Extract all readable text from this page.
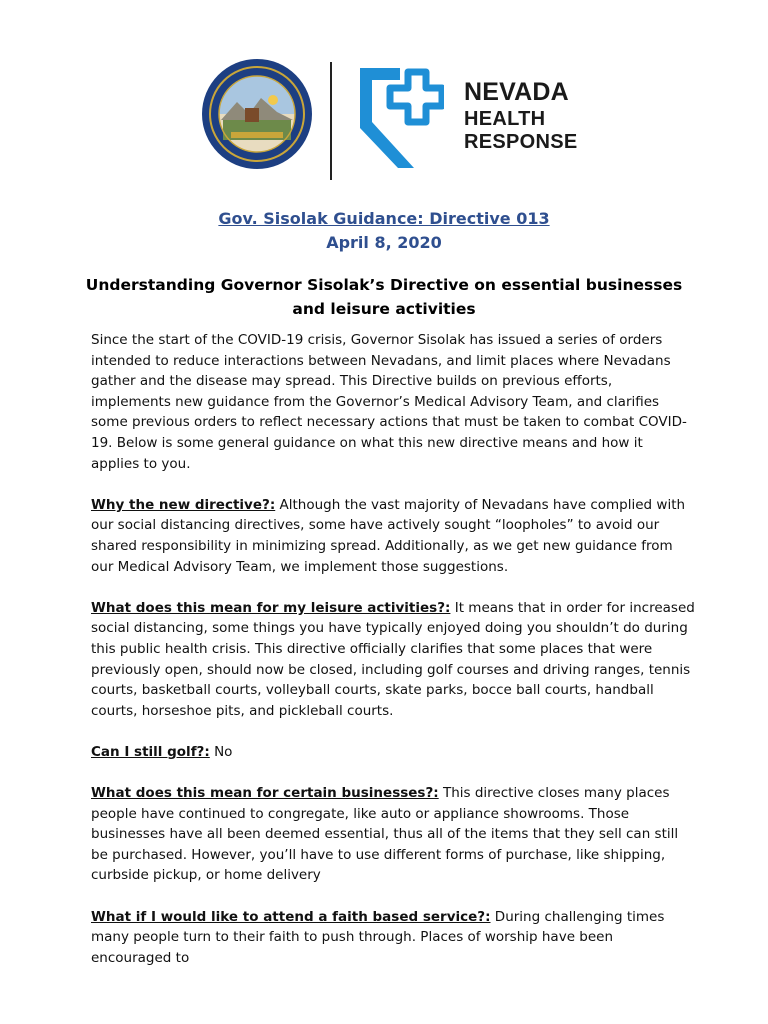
NEVADA
HEALTH
RESPONSE
Gov. Sisolak Guidance: Directive 013
April 8, 2020
Understanding Governor Sisolak’s Directive on essential businesses and leisure activities

Since the start of the COVID-19 crisis, Governor Sisolak has issued a series of orders intended to reduce interactions between Nevadans, and limit places where Nevadans gather and the disease may spread. This Directive builds on previous efforts, implements new guidance from the Governor’s Medical Advisory Team, and clarifies some previous orders to reflect necessary actions that must be taken to combat COVID-19. Below is some general guidance on what this new directive means and how it applies to you.

Why the new directive?: Although the vast majority of Nevadans have complied with our social distancing directives, some have actively sought “loopholes” to avoid our shared responsibility in minimizing spread. Additionally, as we get new guidance from our Medical Advisory Team, we implement those suggestions.

What does this mean for my leisure activities?: It means that in order for increased social distancing, some things you have typically enjoyed doing you shouldn’t do during this public health crisis. This directive officially clarifies that some places that were previously open, should now be closed, including golf courses and driving ranges, tennis courts, basketball courts, volleyball courts, skate parks, bocce ball courts, handball courts, horseshoe pits, and pickleball courts.

Can I still golf?: No

What does this mean for certain businesses?: This directive closes many places people have continued to congregate, like auto or appliance showrooms. Those businesses have all been deemed essential, thus all of the items that they sell can still be purchased. However, you’ll have to use different forms of purchase, like shipping, curbside pickup, or home delivery

What if I would like to attend a faith based service?: During challenging times many people turn to their faith to push through. Places of worship have been encouraged to
